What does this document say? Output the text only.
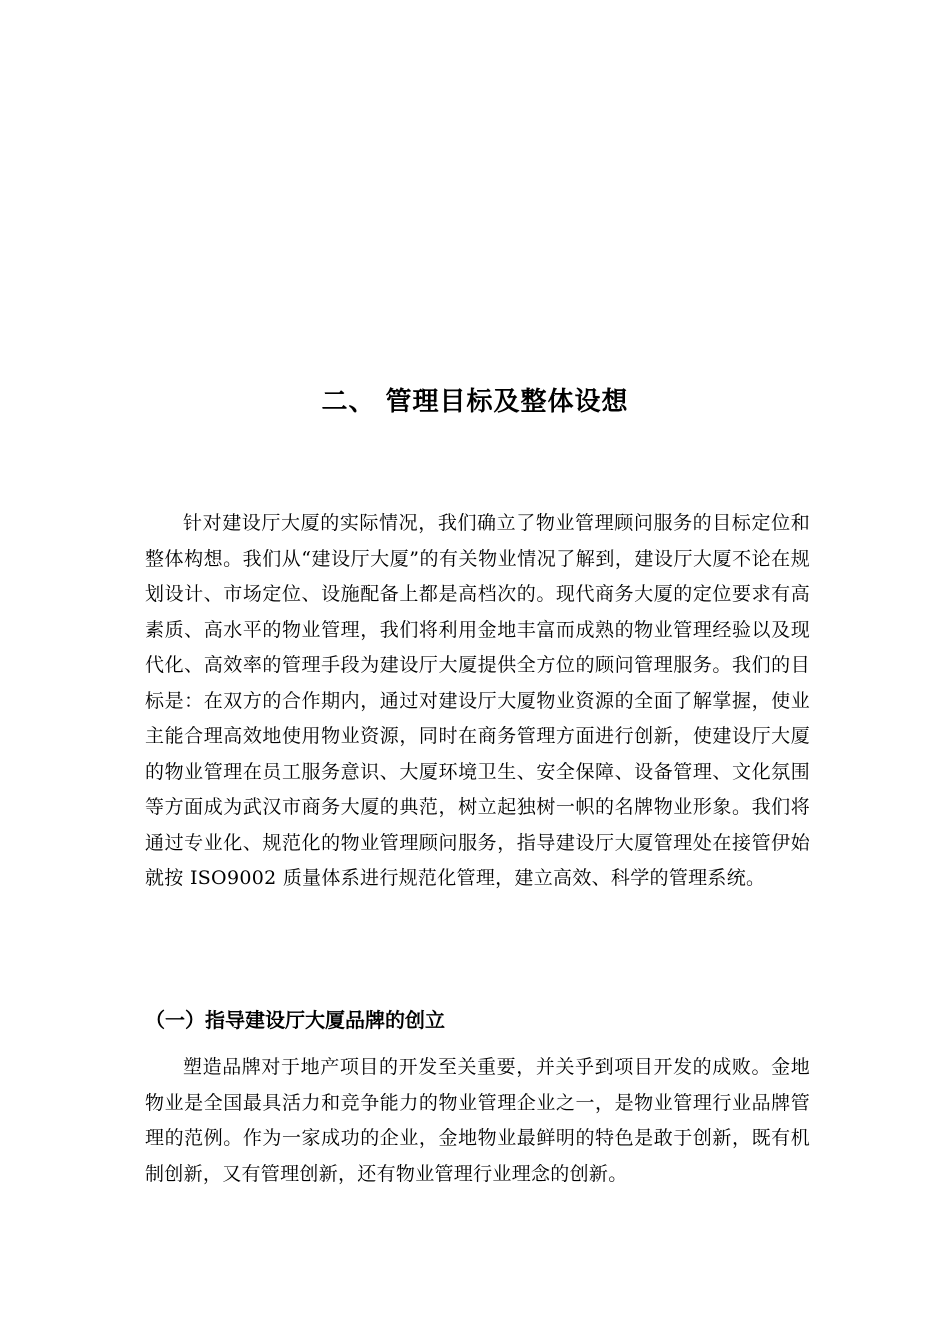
二、 管理目标及整体设想

针对建设厅大厦的实际情况，我们确立了物业管理顾问服务的目标定位和整体构想。我们从“建设厅大厦”的有关物业情况了解到，建设厅大厦不论在规划设计、市场定位、设施配备上都是高档次的。现代商务大厦的定位要求有高素质、高水平的物业管理，我们将利用金地丰富而成熟的物业管理经验以及现代化、高效率的管理手段为建设厅大厦提供全方位的顾问管理服务。我们的目标是：在双方的合作期内，通过对建设厅大厦物业资源的全面了解掌握，使业主能合理高效地使用物业资源，同时在商务管理方面进行创新，使建设厅大厦的物业管理在员工服务意识、大厦环境卫生、安全保障、设备管理、文化氛围等方面成为武汉市商务大厦的典范，树立起独树一帜的名牌物业形象。我们将通过专业化、规范化的物业管理顾问服务，指导建设厅大厦管理处在接管伊始就按 ISO9002 质量体系进行规范化管理，建立高效、科学的管理系统。

（一）指导建设厅大厦品牌的创立

塑造品牌对于地产项目的开发至关重要，并关乎到项目开发的成败。金地物业是全国最具活力和竞争能力的物业管理企业之一，是物业管理行业品牌管理的范例。作为一家成功的企业，金地物业最鲜明的特色是敢于创新，既有机制创新，又有管理创新，还有物业管理行业理念的创新。
